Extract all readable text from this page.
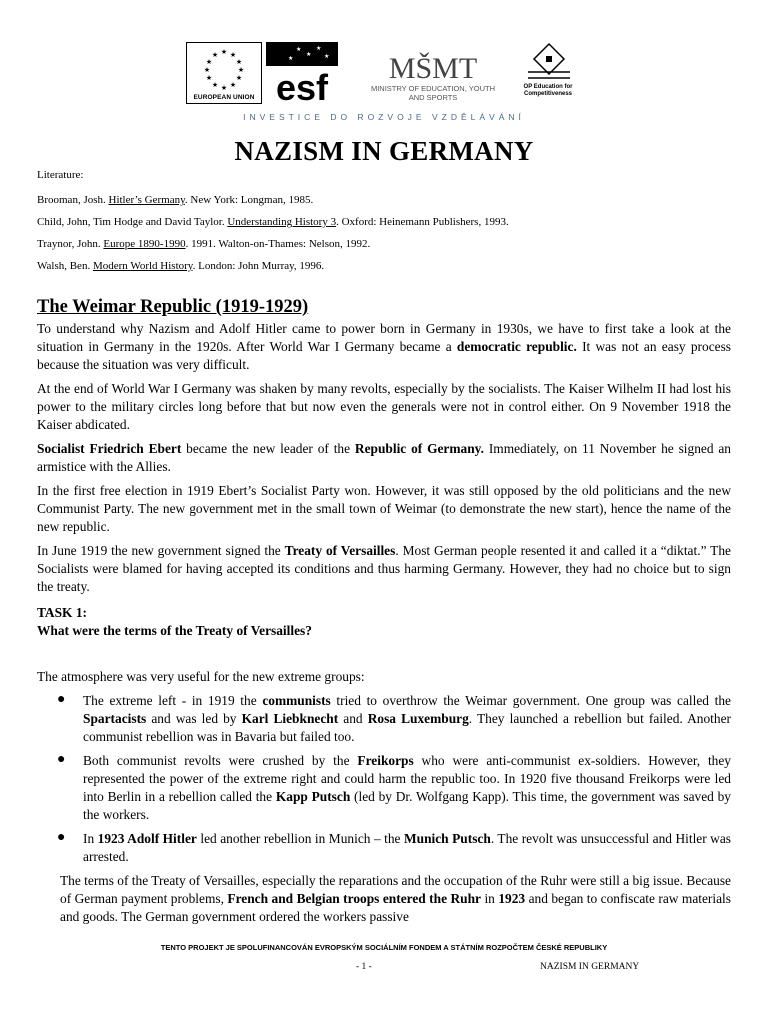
★ ★
★
★
★
★
★
★
★
★
★
★
EUROPEAN UNION
★
★
★
★
★
esf MŠMT
MINISTRY OF EDUCATION, YOUTH AND SPORTS
OP Education for Competitiveness
INVESTICE DO ROZVOJE VZDĚLÁVÁNÍ
NAZISM IN GERMANY
Literature:
Brooman, Josh. Hitler’s Germany. New York: Longman, 1985.
Child, John, Tim Hodge and David Taylor. Understanding History 3. Oxford: Heinemann Publishers, 1993.
Traynor, John. Europe 1890-1990. 1991. Walton-on-Thames: Nelson, 1992.
Walsh, Ben. Modern World History. London: John Murray, 1996.
The Weimar Republic (1919-1929)

To understand why Nazism and Adolf Hitler came to power born in Germany in 1930s, we have to first take a look at the situation in Germany in the 1920s. After World War I Germany became a democratic republic. It was not an easy process because the situation was very difficult.

At the end of World War I Germany was shaken by many revolts, especially by the socialists. The Kaiser Wilhelm II had lost his power to the military circles long before that but now even the generals were not in control either. On 9 November 1918 the Kaiser abdicated.

Socialist Friedrich Ebert became the new leader of the Republic of Germany. Immediately, on 11 November he signed an armistice with the Allies.

In the first free election in 1919 Ebert’s Socialist Party won. However, it was still opposed by the old politicians and the new Communist Party. The new government met in the small town of Weimar (to demonstrate the new start), hence the name of the new republic.

In June 1919 the new government signed the Treaty of Versailles. Most German people resented it and called it a “diktat.” The Socialists were blamed for having accepted its conditions and thus harming Germany. However, they had no choice but to sign the treaty.

TASK 1:
What were the terms of the Treaty of Versailles?

The atmosphere was very useful for the new extreme groups:

● The extreme left - in 1919 the communists tried to overthrow the Weimar government. One group was called the Spartacists and was led by Karl Liebknecht and Rosa Luxemburg. They launched a rebellion but failed. Another communist rebellion was in Bavaria but failed too.
● Both communist revolts were crushed by the Freikorps who were anti-communist ex-soldiers. However, they represented the power of the extreme right and could harm the republic too. In 1920 five thousand Freikorps were led into Berlin in a rebellion called the Kapp Putsch (led by Dr. Wolfgang Kapp). This time, the government was saved by the workers.
● In 1923 Adolf Hitler led another rebellion in Munich – the Munich Putsch. The revolt was unsuccessful and Hitler was arrested.
The terms of the Treaty of Versailles, especially the reparations and the occupation of the Ruhr were still a big issue. Because of German payment problems, French and Belgian troops entered the Ruhr in 1923 and began to confiscate raw materials and goods. The German government ordered the workers passive
TENTO PROJEKT JE SPOLUFINANCOVÁN EVROPSKÝM SOCIÁLNÍM FONDEM A STÁTNÍM ROZPOČTEM ČESKÉ REPUBLIKY
- 1 -	NAZISM IN GERMANY
